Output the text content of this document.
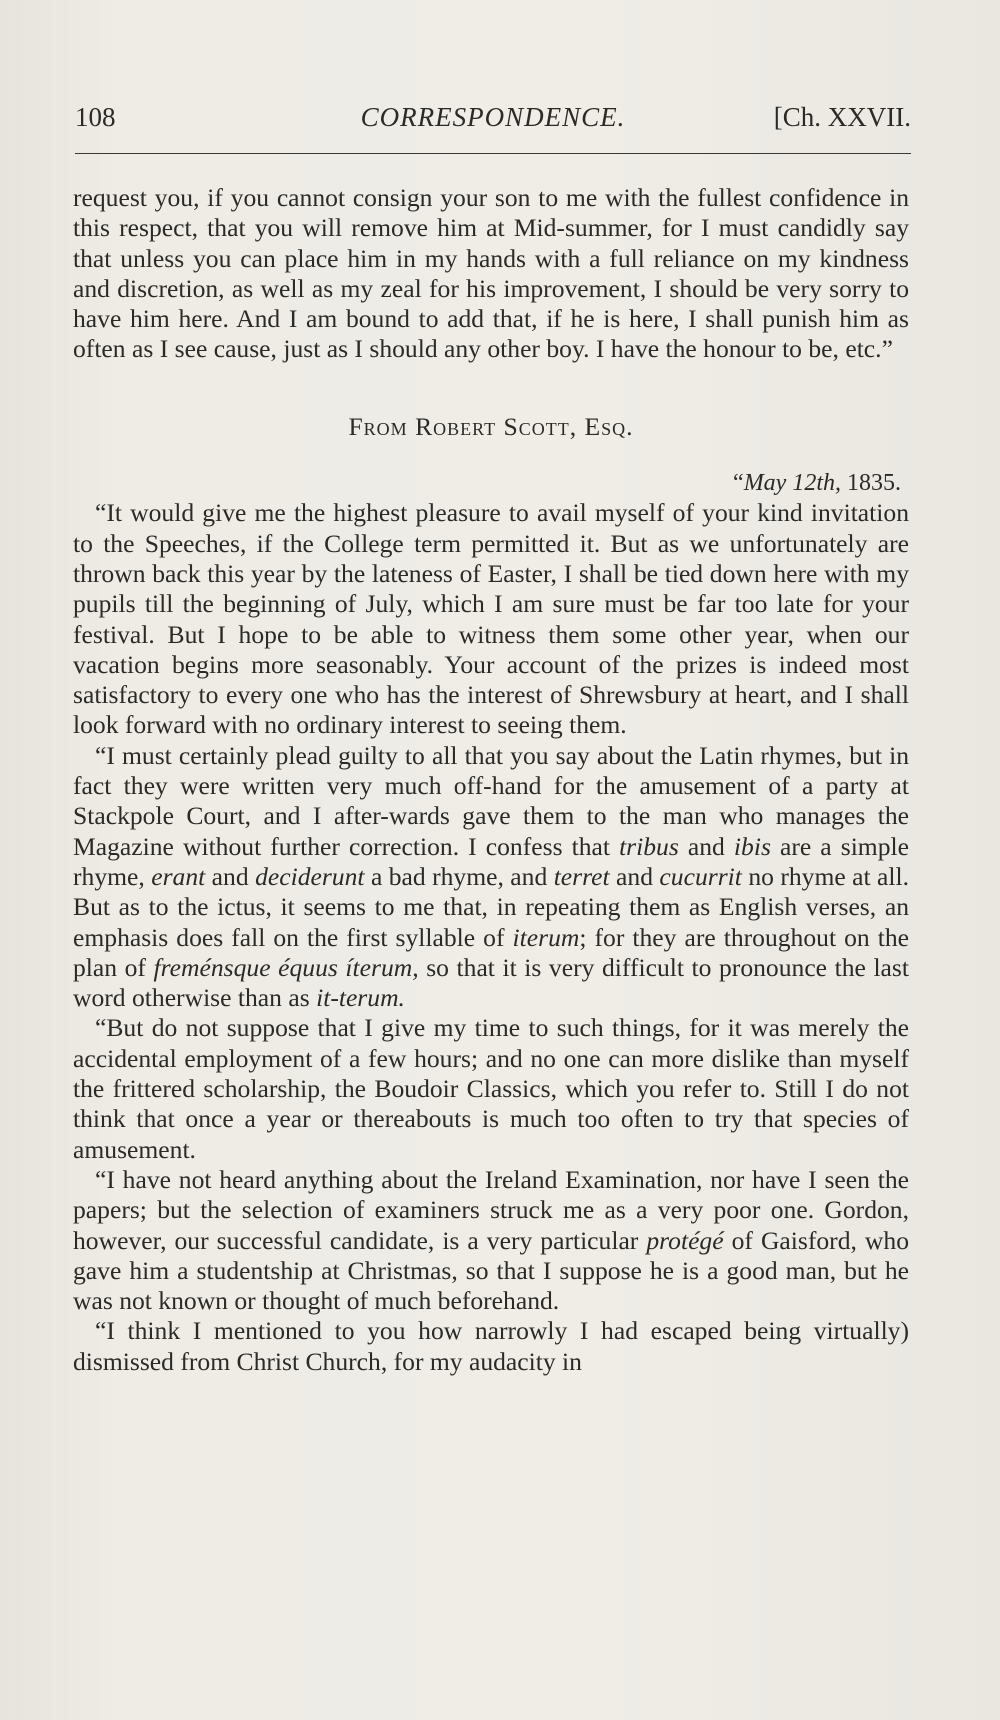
108	CORRESPONDENCE.	[Ch. XXVII.

request you, if you cannot consign your son to me with the fullest confidence in this respect, that you will remove him at Mid-summer, for I must candidly say that unless you can place him in my hands with a full reliance on my kindness and discretion, as well as my zeal for his improvement, I should be very sorry to have him here. And I am bound to add that, if he is here, I shall punish him as often as I see cause, just as I should any other boy. I have the honour to be, etc.”

From Robert Scott, Esq.

“May 12th, 1835.

“It would give me the highest pleasure to avail myself of your kind invitation to the Speeches, if the College term permitted it. But as we unfortunately are thrown back this year by the lateness of Easter, I shall be tied down here with my pupils till the beginning of July, which I am sure must be far too late for your festival. But I hope to be able to witness them some other year, when our vacation begins more seasonably. Your account of the prizes is indeed most satisfactory to every one who has the interest of Shrewsbury at heart, and I shall look forward with no ordinary interest to seeing them.

“I must certainly plead guilty to all that you say about the Latin rhymes, but in fact they were written very much off-hand for the amusement of a party at Stackpole Court, and I after-wards gave them to the man who manages the Magazine without further correction. I confess that tribus and ibis are a simple rhyme, erant and deciderunt a bad rhyme, and terret and cucurrit no rhyme at all. But as to the ictus, it seems to me that, in repeating them as English verses, an emphasis does fall on the first syllable of iterum; for they are throughout on the plan of freménsque équus íterum, so that it is very difficult to pronounce the last word otherwise than as it-terum.

“But do not suppose that I give my time to such things, for it was merely the accidental employment of a few hours; and no one can more dislike than myself the frittered scholarship, the Boudoir Classics, which you refer to. Still I do not think that once a year or thereabouts is much too often to try that species of amusement.

“I have not heard anything about the Ireland Examination, nor have I seen the papers; but the selection of examiners struck me as a very poor one. Gordon, however, our successful candidate, is a very particular protégé of Gaisford, who gave him a studentship at Christmas, so that I suppose he is a good man, but he was not known or thought of much beforehand.

“I think I mentioned to you how narrowly I had escaped being virtually) dismissed from Christ Church, for my audacity in
